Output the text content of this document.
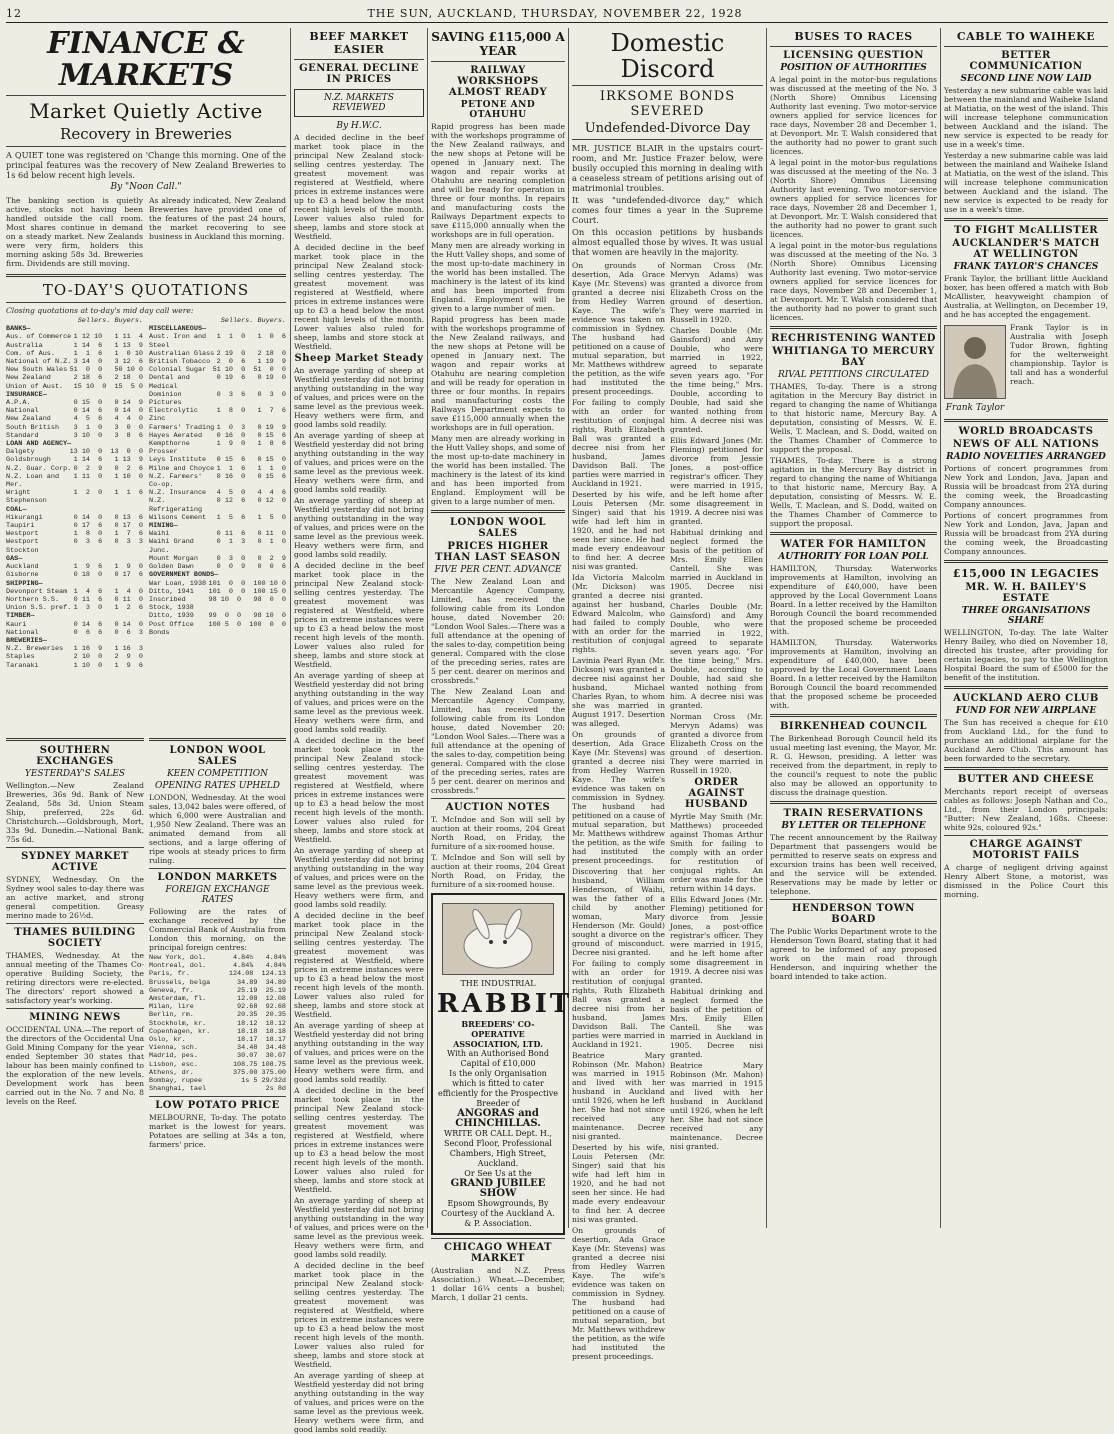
12	THE SUN, AUCKLAND, THURSDAY, NOVEMBER 22, 1928
FINANCE & MARKETS
Market Quietly Active
Recovery in Breweries
A QUIET tone was registered on 'Change this morning. One of the principal features was the recovery of New Zealand Breweries to 1s 6d below recent high levels.
By "Noon Call."
The banking section is quietly active, stocks not having been handled outside the call room. Most shares continue in demand on a steady market. New Zealands were very firm, holders this morning asking 58s 3d. Breweries firm. Dividends are still moving.
As already indicated, New Zealand Breweries have provided one of the features of the past 24 hours, the market recovering to see business in Auckland this morning.
TO-DAY'S QUOTATIONS
Closing quotations at to-day's mid day call were:
Sellers. Buyers.
BANKS—
Aus. of Commerce 1 12 10   1 11  4
Australia	1 14  6   1 13  9
Com. of Aus.	1  1  6   1  0 10
National of N.Z. 3 14  0   3 12  6
New South Wales 51  0  0   50 10 0
New Zealand	2 18  6   2 18  0
Union of Aust. 15 10  0  15  5 0
INSURANCE—
A.P.A.	0 15  0   0 14  9
National	0 14  6   0 14  0
New Zealand	4  5  6   4  4  0
South British 3  1  0   3  0  0
Standard	3 10  0   3  8  6
LOAN AND AGENCY—
Dalgety	13 10  0  13  0  0
Goldsbrough	1 14  6   1 13  9
N.Z. Guar. Corp. 0  2  9   0  2  6
N.Z. Loan and Mer.
1 11  0   1 10  0
Wright Stephenson
1  2  0   1  1  6
COAL—
Hikurangi	0 14  0   0 13  6
Taupiri	0 17  6   0 17  0
Westport	1  8  0   1  7  6
Westport Stockton
0  3  6   0  3  3
GAS—
Auckland	1  9  6   1  9  0
Gisborne	0 18  0   0 17  6
SHIPPING—
Devonport Steam 1  4  6   1  4  0
Northern S.S. 0 11  6   0 11  0
Union S.S. pref. 1  3  0   1  2  6
TIMBER—
Kauri	0 14  6   0 14  0
National	0  6  6   0  6  3
BREWERIES—
N.Z. Breweries 1 16  9   1 16  3
Staples	2 10  0   2  9  0
Taranaki	1 10  0   1  9  6
Sellers. Buyers.
MISCELLANEOUS—
Aust. Iron and Steel
1  1  0   1  0  6
Australian Glass 2 19  0   2 18  0
British Tobacco 2  0  6   1 19  9
Colonial Sugar 51 10  0  51  0  0
Dental and Medical
0 19  6   0 19  0
Dominion Pictures
0  3  6   0  3  0
Electrolytic Zinc
1  8  0   1  7  6
Farmers' Trading 1  0  3   0 19  9
Hayes Aerated 0 16  0   0 15  6
Kempthorne Prosser
1  9  0   1  8  6
Leys Institute 0 15  6   0 15  0
Milne and Choyce 1  1  6   1  1  0
N.Z. Farmers' Co-op.
0 16  0   0 15  6
N.Z. Insurance 4  5  0   4  4  6
N.Z. Refrigerating
0 12  6   0 12  0
Wilsons Cement 1  5  6   1  5  0
MINING—
Waihi	0 11  6   0 11  0
Waihi Grand Junc.
0  1  3   0  1  0
Mount Morgan	0  3  0   0  2  9
Golden Dawn	0  0  9   0  0  6
GOVERNMENT BONDS—
War Loan, 1938 101  0  0  100 10 0
Ditto, 1941 101  0  0  100 15 0
Inscribed Stock, 1938
98 10  0   98  0  0
Ditto, 1939 99  0  0   98 10  0
Post Office Bonds
100 5  0  100  0  0
SOUTHERN EXCHANGES
YESTERDAY'S SALES
Wellington.—New Zealand Breweries, 36s 9d. Bank of New Zealand, 58s 3d. Union Steam Ship, preferred, 22s 6d. Christchurch.—Goldsbrough, Mort, 33s 9d. Dunedin.—National Bank, 75s 6d.
SYDNEY MARKET ACTIVE
SYDNEY, Wednesday. On the Sydney wool sales to-day there was an active market, and strong general competition. Greasy merino made to 26½d.
THAMES BUILDING SOCIETY
THAMES, Wednesday. At the annual meeting of the Thames Co-operative Building Society, the retiring directors were re-elected. The directors' report showed a satisfactory year's working.
MINING NEWS
OCCIDENTAL UNA.—The report of the directors of the Occidental Una Gold Mining Company for the year ended September 30 states that labour has been mainly confined to the exploration of the new levels. Development work has been carried out in the No. 7 and No. 8 levels on the Reef.
LONDON WOOL SALES
KEEN COMPETITION
OPENING RATES UPHELD
LONDON, Wednesday. At the wool sales, 13,042 bales were offered, of which 6,000 were Australian and 1,950 New Zealand. There was an animated demand from all sections, and a large offering of ripe wools at steady prices to firm ruling.
LONDON MARKETS
FOREIGN EXCHANGE RATES
Following are the rates of exchange received by the Commercial Bank of Australia from London this morning, on the principal foreign centres:
New York, dol.	4.84½   4.84¾
Montreal, dol.	4.84⅞   4.84¾
Paris, fr.	124.08  124.13
Brussels, belga	34.89  34.89
Geneva, fr.	25.19  25.19
Amsterdam, fl.	12.08  12.08
Milan, lire	92.68  92.68
Berlin, rm.	20.35  20.35
Stockholm, kr.	18.12  18.12
Copenhagen, kr.	18.18  18.18
Oslo, kr.	18.17  18.17
Vienna, sch.	34.48  34.48
Madrid, pes.	30.07  30.07
Lisbon, esc.	108.75 108.75
Athens, dr.	375.00 375.00
Bombay, rupee	1s 5 29/32d
Shanghai, tael	2s 8d
LOW POTATO PRICE
MELBOURNE, To-day. The potato market is the lowest for years. Potatoes are selling at 34s a ton, farmers' price.
BEEF MARKET EASIER
GENERAL DECLINE IN PRICES
N.Z. MARKETS REVIEWED
By H.W.C.
A decided decline in the beef market took place in the principal New Zealand stock-selling centres yesterday. The greatest movement was registered at Westfield, where prices in extreme instances were up to £3 a head below the most recent high levels of the month. Lower values also ruled for sheep, lambs and store stock at Westfield.
A decided decline in the beef market took place in the principal New Zealand stock-selling centres yesterday. The greatest movement was registered at Westfield, where prices in extreme instances were up to £3 a head below the most recent high levels of the month. Lower values also ruled for sheep, lambs and store stock at Westfield.
Sheep Market Steady
An average yarding of sheep at Westfield yesterday did not bring anything outstanding in the way of values, and prices were on the same level as the previous week. Heavy wethers were firm, and good lambs sold readily.
An average yarding of sheep at Westfield yesterday did not bring anything outstanding in the way of values, and prices were on the same level as the previous week. Heavy wethers were firm, and good lambs sold readily.
An average yarding of sheep at Westfield yesterday did not bring anything outstanding in the way of values, and prices were on the same level as the previous week. Heavy wethers were firm, and good lambs sold readily.
A decided decline in the beef market took place in the principal New Zealand stock-selling centres yesterday. The greatest movement was registered at Westfield, where prices in extreme instances were up to £3 a head below the most recent high levels of the month. Lower values also ruled for sheep, lambs and store stock at Westfield.
An average yarding of sheep at Westfield yesterday did not bring anything outstanding in the way of values, and prices were on the same level as the previous week. Heavy wethers were firm, and good lambs sold readily.
A decided decline in the beef market took place in the principal New Zealand stock-selling centres yesterday. The greatest movement was registered at Westfield, where prices in extreme instances were up to £3 a head below the most recent high levels of the month. Lower values also ruled for sheep, lambs and store stock at Westfield.
An average yarding of sheep at Westfield yesterday did not bring anything outstanding in the way of values, and prices were on the same level as the previous week. Heavy wethers were firm, and good lambs sold readily.
A decided decline in the beef market took place in the principal New Zealand stock-selling centres yesterday. The greatest movement was registered at Westfield, where prices in extreme instances were up to £3 a head below the most recent high levels of the month. Lower values also ruled for sheep, lambs and store stock at Westfield.
An average yarding of sheep at Westfield yesterday did not bring anything outstanding in the way of values, and prices were on the same level as the previous week. Heavy wethers were firm, and good lambs sold readily.
A decided decline in the beef market took place in the principal New Zealand stock-selling centres yesterday. The greatest movement was registered at Westfield, where prices in extreme instances were up to £3 a head below the most recent high levels of the month. Lower values also ruled for sheep, lambs and store stock at Westfield.
An average yarding of sheep at Westfield yesterday did not bring anything outstanding in the way of values, and prices were on the same level as the previous week. Heavy wethers were firm, and good lambs sold readily.
A decided decline in the beef market took place in the principal New Zealand stock-selling centres yesterday. The greatest movement was registered at Westfield, where prices in extreme instances were up to £3 a head below the most recent high levels of the month. Lower values also ruled for sheep, lambs and store stock at Westfield.
An average yarding of sheep at Westfield yesterday did not bring anything outstanding in the way of values, and prices were on the same level as the previous week. Heavy wethers were firm, and good lambs sold readily.
SAVING £115,000 A YEAR
RAILWAY WORKSHOPS ALMOST READY
PETONE AND OTAHUHU
Rapid progress has been made with the workshops programme of the New Zealand railways, and the new shops at Petone will be opened in January next. The wagon and repair works at Otahuhu are nearing completion and will be ready for operation in three or four months. In repairs and manufacturing costs the Railways Department expects to save £115,000 annually when the workshops are in full operation.
Many men are already working in the Hutt Valley shops, and some of the most up-to-date machinery in the world has been installed. The machinery is the latest of its kind and has been imported from England. Employment will be given to a large number of men.
Rapid progress has been made with the workshops programme of the New Zealand railways, and the new shops at Petone will be opened in January next. The wagon and repair works at Otahuhu are nearing completion and will be ready for operation in three or four months. In repairs and manufacturing costs the Railways Department expects to save £115,000 annually when the workshops are in full operation.
Many men are already working in the Hutt Valley shops, and some of the most up-to-date machinery in the world has been installed. The machinery is the latest of its kind and has been imported from England. Employment will be given to a large number of men.
LONDON WOOL SALES
PRICES HIGHER THAN LAST SEASON
FIVE PER CENT. ADVANCE
The New Zealand Loan and Mercantile Agency Company, Limited, has received the following cable from its London house, dated November 20: "London Wool Sales.—There was a full attendance at the opening of the sales to-day, competition being general. Compared with the close of the preceding series, rates are 5 per cent. dearer on merinos and crossbreds."
The New Zealand Loan and Mercantile Agency Company, Limited, has received the following cable from its London house, dated November 20: "London Wool Sales.—There was a full attendance at the opening of the sales to-day, competition being general. Compared with the close of the preceding series, rates are 5 per cent. dearer on merinos and crossbreds."
AUCTION NOTES
T. McIndoe and Son will sell by auction at their rooms, 204 Great North Road, on Friday, the furniture of a six-roomed house.
T. McIndoe and Son will sell by auction at their rooms, 204 Great North Road, on Friday, the furniture of a six-roomed house.
THE INDUSTRIAL
RABBIT
BREEDERS' CO-OPERATIVE ASSOCIATION, LTD.
With an Authorised Bond Capital of £10,000
Is the only Organisation which is fitted to cater efficiently for the Prospective Breeder of
ANGORAS and CHINCHILLAS.
WRITE OR CALL Dept. H., Second Floor, Professional Chambers, High Street, Auckland.
Or See Us at the
GRAND JUBILEE SHOW
Epsom Showgrounds, By Courtesy of the Auckland A. & P. Association.
CHICAGO WHEAT MARKET
(Australian and N.Z. Press Association.) Wheat.—December, 1 dollar 16¼ cents a bushel; March, 1 dollar 21 cents.
Domestic Discord
IRKSOME BONDS SEVERED
Undefended-Divorce Day
MR. JUSTICE BLAIR in the upstairs court-room, and Mr. Justice Frazer below, were busily occupied this morning in dealing with a ceaseless stream of petitions arising out of matrimonial troubles.
It was "undefended-divorce day," which comes four times a year in the Supreme Court.
On this occasion petitions by husbands almost equalled those by wives. It was usual that women are heavily in the majority.
On grounds of desertion, Ada Grace Kaye (Mr. Stevens) was granted a decree nisi from Hedley Warren Kaye. The wife's evidence was taken on commission in Sydney. The husband had petitioned on a cause of mutual separation, but Mr. Matthews withdrew the petition, as the wife had instituted the present proceedings.
For failing to comply with an order for restitution of conjugal rights, Ruth Elizabeth Ball was granted a decree nisi from her husband, James Davidson Ball. The parties were married in Auckland in 1921.
Deserted by his wife, Louis Petersen (Mr. Singer) said that his wife had left him in 1920, and he had not seen her since. He had made every endeavour to find her. A decree nisi was granted.
Ida Victoria Malcolm (Mr. Dickson) was granted a decree nisi against her husband, Edward Malcolm, who had failed to comply with an order for the restitution of conjugal rights.
Lavinia Pearl Ryan (Mr. Dickson) was granted a decree nisi against her husband, Michael Charles Ryan, to whom she was married in August 1917. Desertion was alleged.
On grounds of desertion, Ada Grace Kaye (Mr. Stevens) was granted a decree nisi from Hedley Warren Kaye. The wife's evidence was taken on commission in Sydney. The husband had petitioned on a cause of mutual separation, but Mr. Matthews withdrew the petition, as the wife had instituted the present proceedings.
Discovering that her husband, William Henderson, of Waihi, was the father of a child by another woman, Mary Henderson (Mr. Gould) sought a divorce on the ground of misconduct. Decree nisi granted.
For failing to comply with an order for restitution of conjugal rights, Ruth Elizabeth Ball was granted a decree nisi from her husband, James Davidson Ball. The parties were married in Auckland in 1921.
Beatrice Mary Robinson (Mr. Mahon) was married in 1915 and lived with her husband in Auckland until 1926, when he left her. She had not since received any maintenance. Decree nisi granted.
Deserted by his wife, Louis Petersen (Mr. Singer) said that his wife had left him in 1920, and he had not seen her since. He had made every endeavour to find her. A decree nisi was granted.
On grounds of desertion, Ada Grace Kaye (Mr. Stevens) was granted a decree nisi from Hedley Warren Kaye. The wife's evidence was taken on commission in Sydney. The husband had petitioned on a cause of mutual separation, but Mr. Matthews withdrew the petition, as the wife had instituted the present proceedings.
Norman Cross (Mr. Mervyn Adams) was granted a divorce from Elizabeth Cross on the ground of desertion. They were married in Russell in 1920.
Charles Double (Mr. Gainsford) and Amy Double, who were married in 1922, agreed to separate seven years ago. "For the time being," Mrs. Double, according to Double, had said she wanted nothing from him. A decree nisi was granted.
Ellis Edward Jones (Mr. Fleming) petitioned for divorce from Jessie Jones, a post-office registrar's officer. They were married in 1915, and he left home after some disagreement in 1919. A decree nisi was granted.
Habitual drinking and neglect formed the basis of the petition of Mrs. Emily Ellen Cantell. She was married in Auckland in 1905. Decree nisi granted.
Charles Double (Mr. Gainsford) and Amy Double, who were married in 1922, agreed to separate seven years ago. "For the time being," Mrs. Double, according to Double, had said she wanted nothing from him. A decree nisi was granted.
Norman Cross (Mr. Mervyn Adams) was granted a divorce from Elizabeth Cross on the ground of desertion. They were married in Russell in 1920.
ORDER AGAINST HUSBAND
Myrtle May Smith (Mr. Matthews) proceeded against Thomas Arthur Smith for failing to comply with an order for restitution of conjugal rights. An order was made for the return within 14 days.
Ellis Edward Jones (Mr. Fleming) petitioned for divorce from Jessie Jones, a post-office registrar's officer. They were married in 1915, and he left home after some disagreement in 1919. A decree nisi was granted.
Habitual drinking and neglect formed the basis of the petition of Mrs. Emily Ellen Cantell. She was married in Auckland in 1905. Decree nisi granted.
Beatrice Mary Robinson (Mr. Mahon) was married in 1915 and lived with her husband in Auckland until 1926, when he left her. She had not since received any maintenance. Decree nisi granted.
BUSES TO RACES
LICENSING QUESTION
POSITION OF AUTHORITIES
A legal point in the motor-bus regulations was discussed at the meeting of the No. 3 (North Shore) Omnibus Licensing Authority last evening. Two motor-service owners applied for service licences for race days, November 28 and December 1, at Devonport. Mr. T. Walsh considered that the authority had no power to grant such licences.
A legal point in the motor-bus regulations was discussed at the meeting of the No. 3 (North Shore) Omnibus Licensing Authority last evening. Two motor-service owners applied for service licences for race days, November 28 and December 1, at Devonport. Mr. T. Walsh considered that the authority had no power to grant such licences.
A legal point in the motor-bus regulations was discussed at the meeting of the No. 3 (North Shore) Omnibus Licensing Authority last evening. Two motor-service owners applied for service licences for race days, November 28 and December 1, at Devonport. Mr. T. Walsh considered that the authority had no power to grant such licences.
RECHRISTENING WANTED
WHITIANGA TO MERCURY BAY
RIVAL PETITIONS CIRCULATED
THAMES, To-day. There is a strong agitation in the Mercury Bay district in regard to changing the name of Whitianga to that historic name, Mercury Bay. A deputation, consisting of Messrs. W. E. Wells, T. Maclean, and S. Dodd, waited on the Thames Chamber of Commerce to support the proposal.
THAMES, To-day. There is a strong agitation in the Mercury Bay district in regard to changing the name of Whitianga to that historic name, Mercury Bay. A deputation, consisting of Messrs. W. E. Wells, T. Maclean, and S. Dodd, waited on the Thames Chamber of Commerce to support the proposal.
WATER FOR HAMILTON
AUTHORITY FOR LOAN POLL
HAMILTON, Thursday. Waterworks improvements at Hamilton, involving an expenditure of £40,000, have been approved by the Local Government Loans Board. In a letter received by the Hamilton Borough Council the board recommended that the proposed scheme be proceeded with.
HAMILTON, Thursday. Waterworks improvements at Hamilton, involving an expenditure of £40,000, have been approved by the Local Government Loans Board. In a letter received by the Hamilton Borough Council the board recommended that the proposed scheme be proceeded with.
BIRKENHEAD COUNCIL
The Birkenhead Borough Council held its usual meeting last evening, the Mayor, Mr. R. G. Hewson, presiding. A letter was received from the department, in reply to the council's request to note the public also may be allowed an opportunity to discuss the drainage question.
TRAIN RESERVATIONS
BY LETTER OR TELEPHONE
The recent announcement by the Railway Department that passengers would be permitted to reserve seats on express and excursion trains has been well received, and the service will be extended. Reservations may be made by letter or telephone.
HENDERSON TOWN BOARD
The Public Works Department wrote to the Henderson Town Board, stating that it had agreed to be informed of any proposed work on the main road through Henderson, and inquiring whether the board intended to take action.
CABLE TO WAIHEKE
BETTER COMMUNICATION
SECOND LINE NOW LAID
Yesterday a new submarine cable was laid between the mainland and Waiheke Island at Matiatia, on the west of the island. This will increase telephone communication between Auckland and the island. The new service is expected to be ready for use in a week's time.
Yesterday a new submarine cable was laid between the mainland and Waiheke Island at Matiatia, on the west of the island. This will increase telephone communication between Auckland and the island. The new service is expected to be ready for use in a week's time.
TO FIGHT McALLISTER
AUCKLANDER'S MATCH AT WELLINGTON
FRANK TAYLOR'S CHANCES
Frank Taylor, the brilliant little Auckland boxer, has been offered a match with Bob McAllister, heavyweight champion of Australia, at Wellington, on December 19, and he has accepted the engagement.
Frank Taylor
Frank Taylor is in Australia with Joseph Tudor Brown, fighting for the welterweight championship. Taylor is tall and has a wonderful reach.
WORLD BROADCASTS
NEWS OF ALL NATIONS
RADIO NOVELTIES ARRANGED
Portions of concert programmes from New York and London, Java, Japan and Russia will be broadcast from 2YA during the coming week, the Broadcasting Company announces.
Portions of concert programmes from New York and London, Java, Japan and Russia will be broadcast from 2YA during the coming week, the Broadcasting Company announces.
£15,000 IN LEGACIES
MR. W. H. BAILEY'S ESTATE
THREE ORGANISATIONS SHARE
WELLINGTON, To-day. The late Walter Henry Bailey, who died on November 18, directed his trustee, after providing for certain legacies, to pay to the Wellington Hospital Board the sum of £5000 for the benefit of the institution.
AUCKLAND AERO CLUB
FUND FOR NEW AIRPLANE
The Sun has received a cheque for £10 from Auckland Ltd., for the fund to purchase an additional airplane for the Auckland Aero Club. This amount has been forwarded to the secretary.
BUTTER AND CHEESE
Merchants report receipt of overseas cables as follows: Joseph Nathan and Co., Ltd., from their London principals: "Butter: New Zealand, 168s. Cheese: white 92s, coloured 92s."
CHARGE AGAINST MOTORIST FAILS
A charge of negligent driving against Henry Albert Stone, a motorist, was dismissed in the Police Court this morning.
